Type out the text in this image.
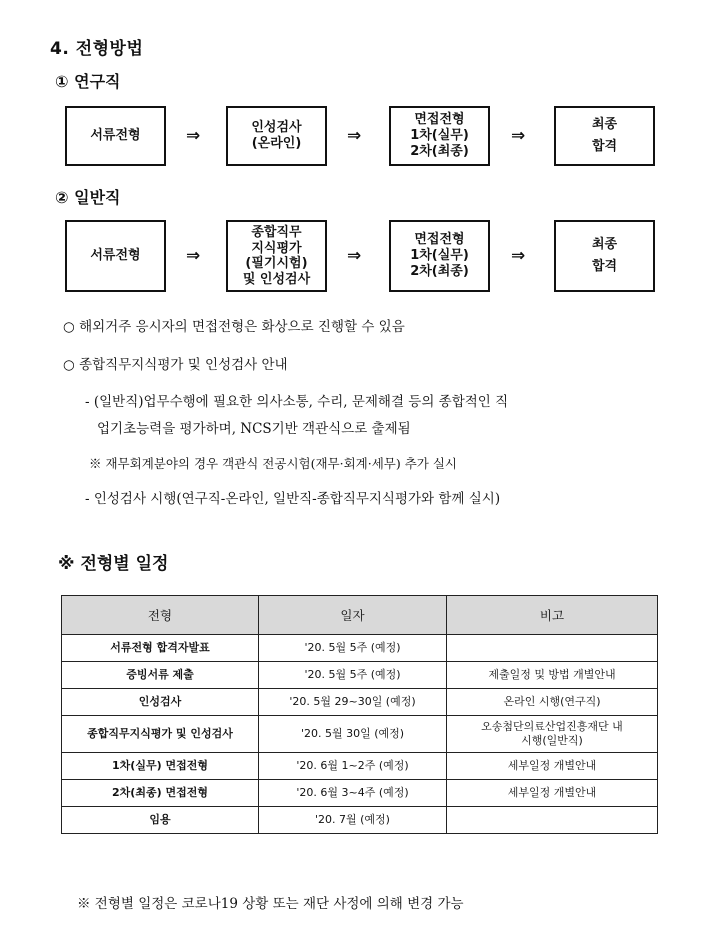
4. 전형방법
① 연구직
서류전형	⇒	인성검사
(온라인)	⇒
면접전형
1차(실무)
2차(최종)
⇒
최종
합격
② 일반직
서류전형	⇒
종합직무
지식평가
(필기시험)
및 인성검사
⇒
면접전형
1차(실무)
2차(최종)
⇒
최종
합격
○ 해외거주 응시자의 면접전형은 화상으로 진행할 수 있음
○ 종합직무지식평가 및 인성검사 안내
- (일반직)업무수행에 필요한 의사소통, 수리, 문제해결 등의 종합적인 직
업기초능력을 평가하며, NCS기반 객관식으로 출제됨
※ 재무회계분야의 경우 객관식 전공시험(재무·회계·세무) 추가 실시
- 인성검사 시행(연구직-온라인, 일반직-종합직무지식평가와 함께 실시)
※ 전형별 일정
전형	일자	비고
서류전형 합격자발표	'20. 5월 5주 (예정)	
증빙서류 제출	'20. 5월 5주 (예정)	제출일정 및 방법 개별안내
인성검사	'20. 5월 29~30일 (예정)	온라인 시행(연구직)
종합직무지식평가 및 인성검사	'20. 5월 30일 (예정)	오송첨단의료산업진흥재단 내
시행(일반직)
1차(실무) 면접전형	'20. 6월 1~2주 (예정)	세부일정 개별안내
2차(최종) 면접전형	'20. 6월 3~4주 (예정)	세부일정 개별안내
임용	'20. 7월 (예정)	
※ 전형별 일정은 코로나19 상황 또는 재단 사정에 의해 변경 가능
